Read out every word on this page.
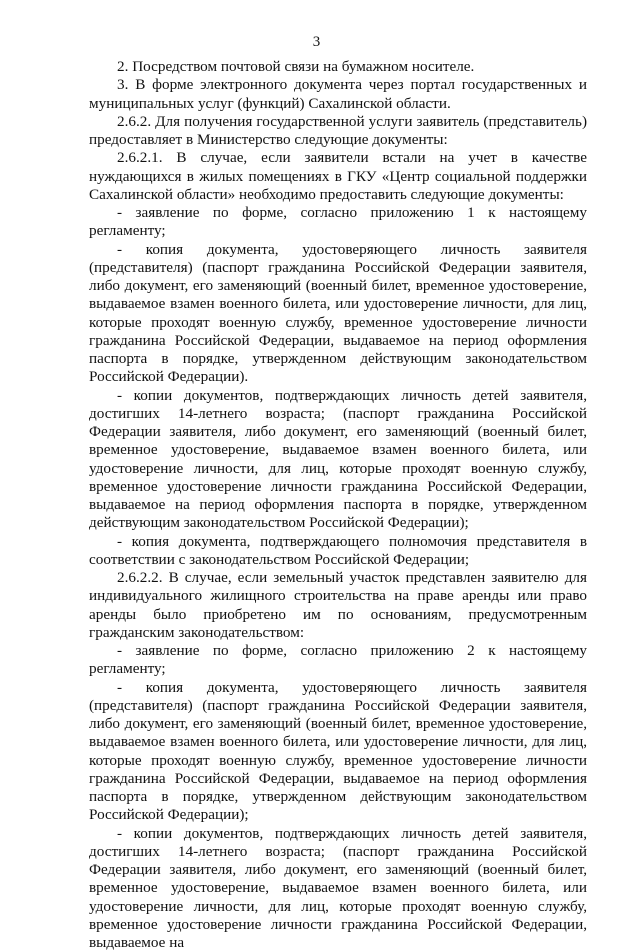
3

2. Посредством почтовой связи на бумажном носителе.

3. В форме электронного документа через портал государственных и муниципальных услуг (функций) Сахалинской области.

2.6.2. Для получения государственной услуги заявитель (представитель) предоставляет в Министерство следующие документы:

2.6.2.1. В случае, если заявители встали на учет в качестве нуждающихся в жилых помещениях в ГКУ «Центр социальной поддержки Сахалинской области» необходимо предоставить следующие документы:

- заявление по форме, согласно приложению 1 к настоящему регламенту;

- копия документа, удостоверяющего личность заявителя (представителя) (паспорт гражданина Российской Федерации заявителя, либо документ, его заменяющий (военный билет, временное удостоверение, выдаваемое взамен военного билета, или удостоверение личности, для лиц, которые проходят военную службу, временное удостоверение личности гражданина Российской Федерации, выдаваемое на период оформления паспорта в порядке, утвержденном действующим законодательством Российской Федерации).

- копии документов, подтверждающих личность детей заявителя, достигших 14-летнего возраста; (паспорт гражданина Российской Федерации заявителя, либо документ, его заменяющий (военный билет, временное удостоверение, выдаваемое взамен военного билета, или удостоверение личности, для лиц, которые проходят военную службу, временное удостоверение личности гражданина Российской Федерации, выдаваемое на период оформления паспорта в порядке, утвержденном действующим законодательством Российской Федерации);

- копия документа, подтверждающего полномочия представителя в соответствии с законодательством Российской Федерации;

2.6.2.2. В случае, если земельный участок представлен заявителю для индивидуального жилищного строительства на праве аренды или право аренды было приобретено им по основаниям, предусмотренным гражданским законодательством:

- заявление по форме, согласно приложению 2 к настоящему регламенту;

- копия документа, удостоверяющего личность заявителя (представителя) (паспорт гражданина Российской Федерации заявителя, либо документ, его заменяющий (военный билет, временное удостоверение, выдаваемое взамен военного билета, или удостоверение личности, для лиц, которые проходят военную службу, временное удостоверение личности гражданина Российской Федерации, выдаваемое на период оформления паспорта в порядке, утвержденном действующим законодательством Российской Федерации);

- копии документов, подтверждающих личность детей заявителя, достигших 14-летнего возраста; (паспорт гражданина Российской Федерации заявителя, либо документ, его заменяющий (военный билет, временное удостоверение, выдаваемое взамен военного билета, или удостоверение личности, для лиц, которые проходят военную службу, временное удостоверение личности гражданина Российской Федерации, выдаваемое на
